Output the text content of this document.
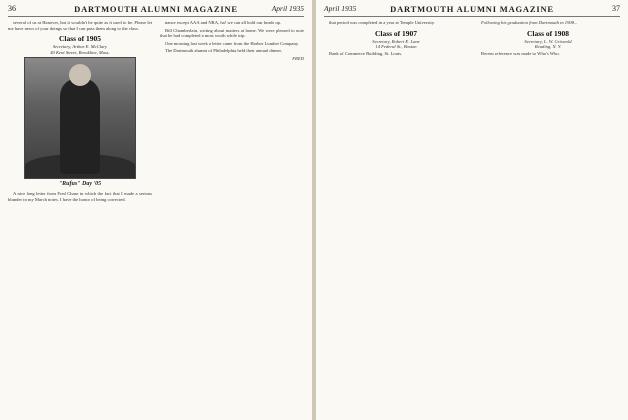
36	DARTMOUTH ALUMNI MAGAZINE	April 1935

several of us at Hanover, but it wouldn't be quite as it used to be. Please let me have news of your doings so that I can pass them along to the class.

Class of 1905
Secretary, Arthur E. McClary
40 Kent Street, Brookline, Mass.
"Rufus" Day '05

A nice long letter from Fred Chase in which the fact that I made a serious blunder in my March notes. I have the honor of being corrected.

nance except AAA and NRA, ha! we can all hold our heads up.

Bill Chamberlain, writing about matters at home. We were pleased to note that he had completed a most worth while trip.

One morning last week a letter came from the Harbor Lumber Company.

The Dartmouth alumni of Philadelphia held their annual dinner.

FRED

April 1935	DARTMOUTH ALUMNI MAGAZINE	37

that period was completed in a year at Temple University.

Class of 1907
Secretary, Robert E. Lane
14 Federal St., Boston

Bank of Commerce Building, St. Louis.

Following his graduation from Dartmouth in 1908...

Class of 1908
Secretary, L. W. Griswold
Reading, N. Y.

Recent reference was made to Who's Who.
